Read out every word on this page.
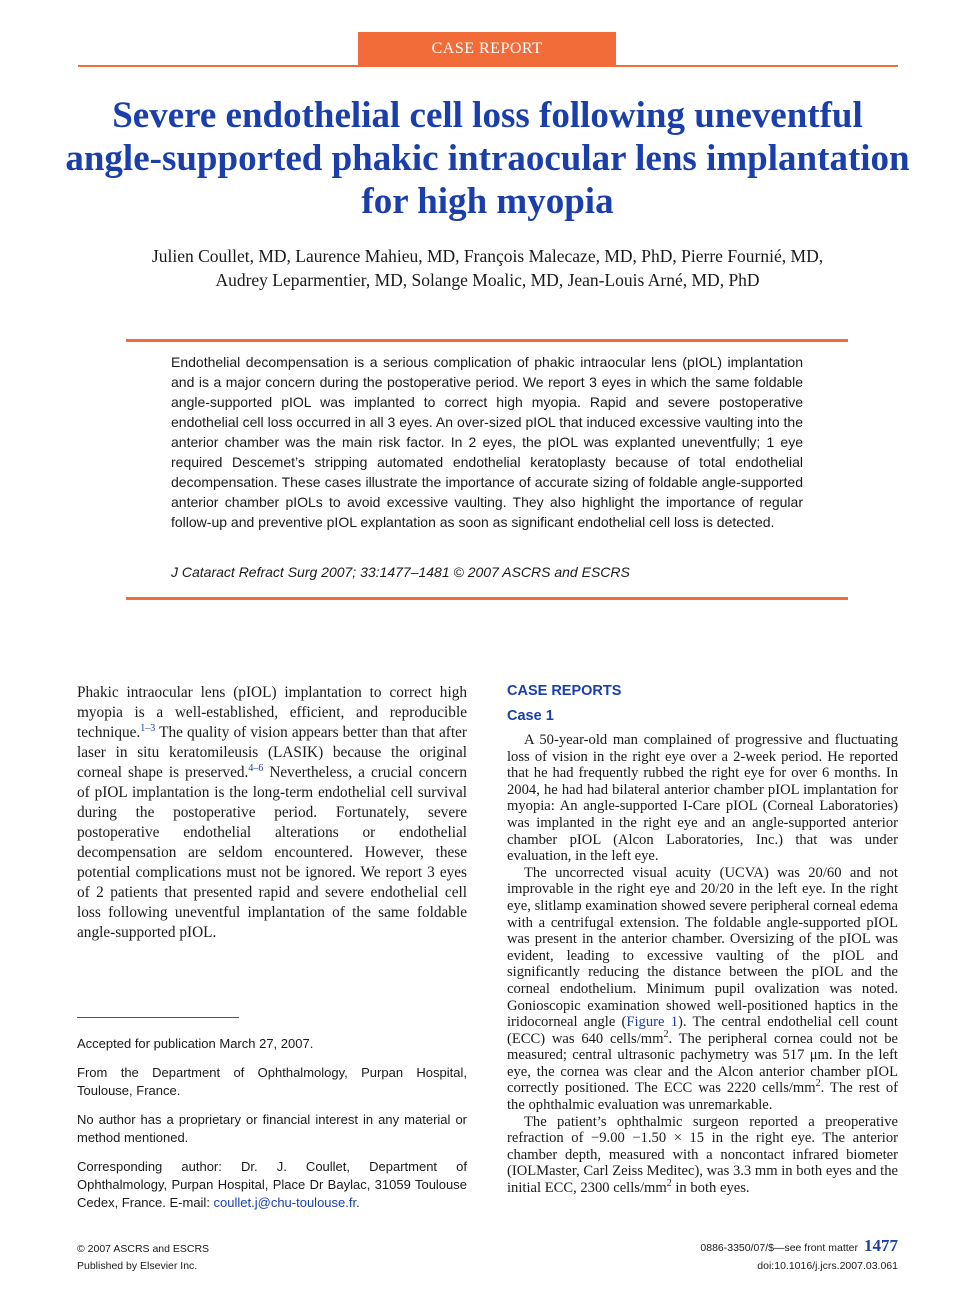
CASE REPORT
Severe endothelial cell loss following uneventful angle-supported phakic intraocular lens implantation for high myopia
Julien Coullet, MD, Laurence Mahieu, MD, François Malecaze, MD, PhD, Pierre Fournié, MD,
Audrey Leparmentier, MD, Solange Moalic, MD, Jean-Louis Arné, MD, PhD

Endothelial decompensation is a serious complication of phakic intraocular lens (pIOL) implantation and is a major concern during the postoperative period. We report 3 eyes in which the same foldable angle-supported pIOL was implanted to correct high myopia. Rapid and severe postoperative endothelial cell loss occurred in all 3 eyes. An over-sized pIOL that induced excessive vaulting into the anterior chamber was the main risk factor. In 2 eyes, the pIOL was explanted uneventfully; 1 eye required Descemet’s stripping automated endothelial keratoplasty because of total endothelial decompensation. These cases illustrate the importance of accurate sizing of foldable angle-supported anterior chamber pIOLs to avoid excessive vaulting. They also highlight the importance of regular follow-up and preventive pIOL explantation as soon as significant endothelial cell loss is detected.

J Cataract Refract Surg 2007; 33:1477–1481 © 2007 ASCRS and ESCRS

Phakic intraocular lens (pIOL) implantation to correct high myopia is a well-established, efficient, and reproducible technique.$^{1-3}$ The quality of vision appears better than that after laser in situ keratomileusis (LASIK) because the original corneal shape is preserved.$^{4-6}$ Nevertheless, a crucial concern of pIOL implantation is the long-term endothelial cell survival during the postoperative period. Fortunately, severe postoperative endothelial alterations or endothelial decompensation are seldom encountered. However, these potential complications must not be ignored. We report 3 eyes of 2 patients that presented rapid and severe endothelial cell loss following uneventful implantation of the same foldable angle-supported pIOL.

Accepted for publication March 27, 2007.

From the Department of Ophthalmology, Purpan Hospital, Toulouse, France.

No author has a proprietary or financial interest in any material or method mentioned.

Corresponding author: Dr. J. Coullet, Department of Ophthalmology, Purpan Hospital, Place Dr Baylac, 31059 Toulouse Cedex, France. E-mail: coullet.j@chu-toulouse.fr.

CASE REPORTS
Case 1

A 50-year-old man complained of progressive and fluctuating loss of vision in the right eye over a 2-week period. He reported that he had frequently rubbed the right eye for over 6 months. In 2004, he had had bilateral anterior chamber pIOL implantation for myopia: An angle-supported I-Care pIOL (Corneal Laboratories) was implanted in the right eye and an angle-supported anterior chamber pIOL (Alcon Laboratories, Inc.) that was under evaluation, in the left eye.

The uncorrected visual acuity (UCVA) was 20/60 and not improvable in the right eye and 20/20 in the left eye. In the right eye, slitlamp examination showed severe peripheral corneal edema with a centrifugal extension. The foldable angle-supported pIOL was present in the anterior chamber. Oversizing of the pIOL was evident, leading to excessive vaulting of the pIOL and significantly reducing the distance between the pIOL and the corneal endothelium. Minimum pupil ovalization was noted. Gonioscopic examination showed well-positioned haptics in the iridocorneal angle (Figure 1). The central endothelial cell count (ECC) was 640 cells/$mm^2$. The peripheral cornea could not be measured; central ultrasonic pachymetry was 517 μm. In the left eye, the cornea was clear and the Alcon anterior chamber pIOL correctly positioned. The ECC was 2220 cells/$mm^2$. The rest of the ophthalmic evaluation was unremarkable.

The patient’s ophthalmic surgeon reported a preoperative refraction of −9.00 −1.50 × 15 in the right eye. The anterior chamber depth, measured with a noncontact infrared biometer (IOLMaster, Carl Zeiss Meditec), was 3.3 mm in both eyes and the initial ECC, 2300 cells/$mm^2$ in both eyes.

© 2007 ASCRS and ESCRS
Published by Elsevier Inc.
0886-3350/07/$—see front matter 1477
doi:10.1016/j.jcrs.2007.03.061
